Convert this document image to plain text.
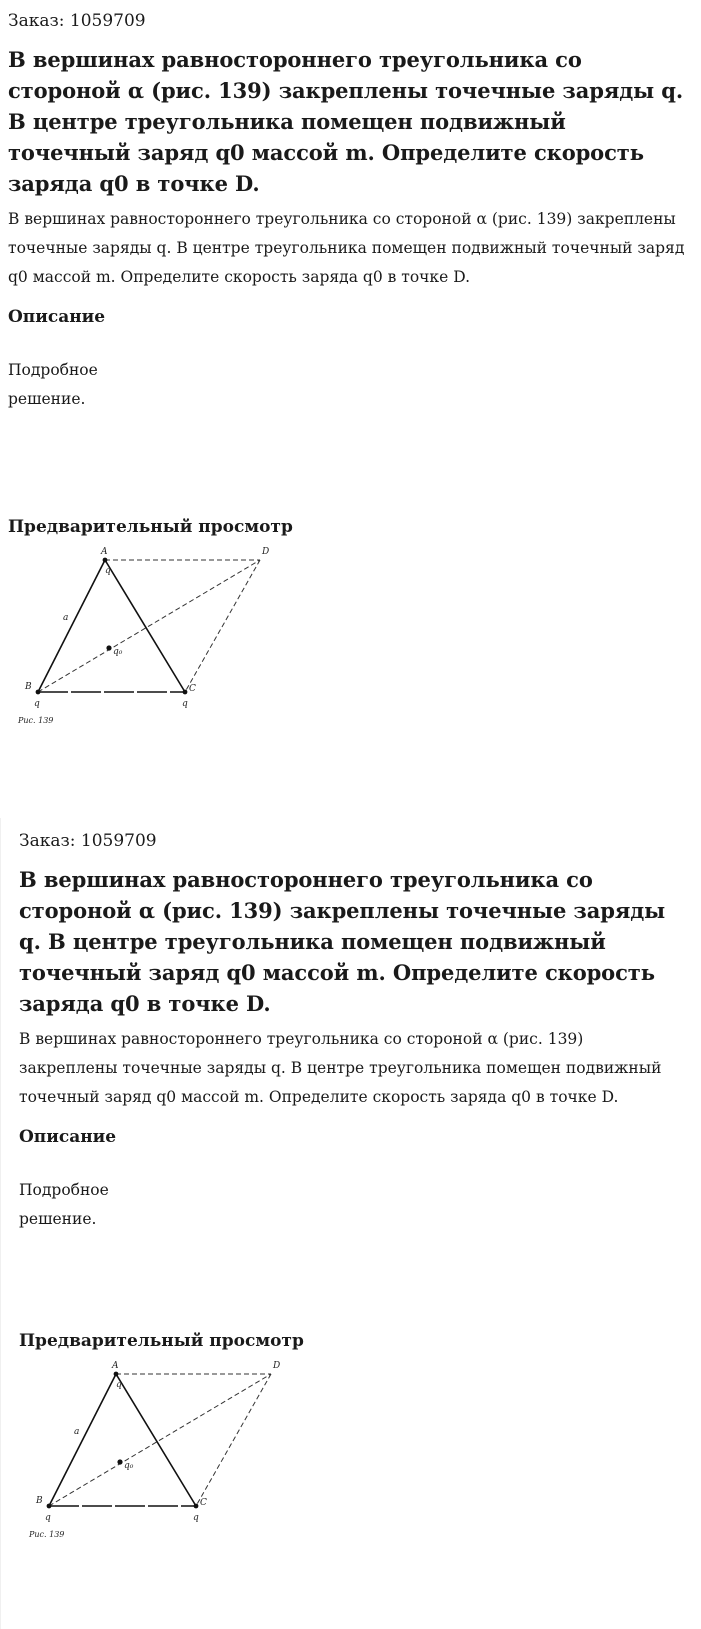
Заказ: 1059709

В вершинах равностороннего треугольника со стороной α (рис. 139) закреплены точечные заряды q. В центре треугольника помещен подвижный точечный заряд q0 массой m. Определите скорость заряда q0 в точке D.

В вершинах равностороннего треугольника со стороной α (рис. 139) закреплены точечные заряды q. В центре треугольника помещен подвижный точечный заряд q0 массой m. Определите скорость заряда q0 в точке D.

Описание

Подробное решение.

Предварительный просмотр
A
q
D
a
q₀
B
q
C
q
Рис. 139

Заказ: 1059709

В вершинах равностороннего треугольника со стороной α (рис. 139) закреплены точечные заряды q. В центре треугольника помещен подвижный точечный заряд q0 массой m. Определите скорость заряда q0 в точке D.

В вершинах равностороннего треугольника со стороной α (рис. 139) закреплены точечные заряды q. В центре треугольника помещен подвижный точечный заряд q0 массой m. Определите скорость заряда q0 в точке D.

Описание

Подробное решение.

Предварительный просмотр
A
q
D
a
q₀
B
q
C
q
Рис. 139
